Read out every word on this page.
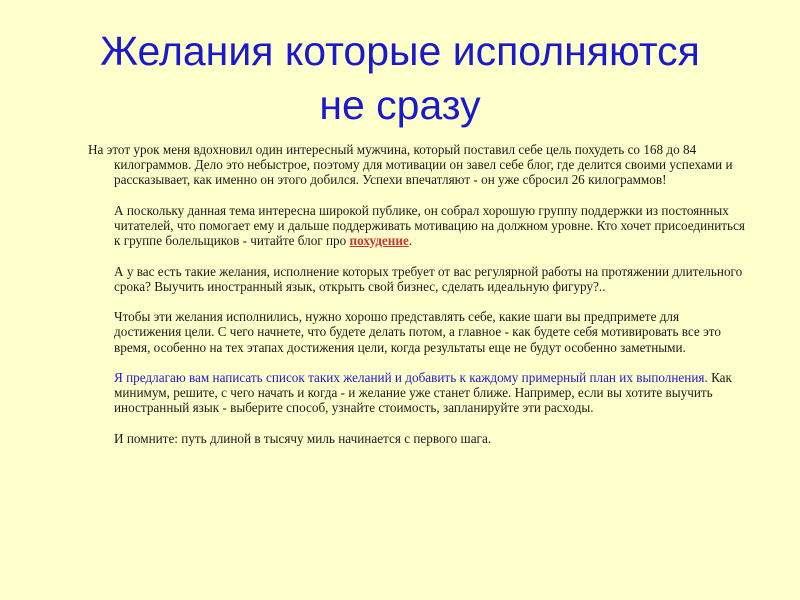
Желания которые исполняются
не сразу

На этот урок меня вдохновил один интересный мужчина, который поставил себе цель похудеть со 168 до 84 килограммов. Дело это небыстрое, поэтому для мотивации он завел себе блог, где делится своими успехами и рассказывает, как именно он этого добился. Успехи впечатляют - он уже сбросил 26 килограммов!

А поскольку данная тема интересна широкой публике, он собрал хорошую группу поддержки из постоянных читателей, что помогает ему и дальше поддерживать мотивацию на должном уровне. Кто хочет присоединиться к группе болельщиков - читайте блог про похудение.

А у вас есть такие желания, исполнение которых требует от вас регулярной работы на протяжении длительного срока? Выучить иностранный язык, открыть свой бизнес, сделать идеальную фигуру?..

Чтобы эти желания исполнились, нужно хорошо представлять себе, какие шаги вы предпримете для достижения цели. С чего начнете, что будете делать потом, а главное - как будете себя мотивировать все это время, особенно на тех этапах достижения цели, когда результаты еще не будут особенно заметными.

Я предлагаю вам написать список таких желаний и добавить к каждому примерный план их выполнения. Как минимум, решите, с чего начать и когда - и желание уже станет ближе. Например, если вы хотите выучить иностранный язык - выберите способ, узнайте стоимость, запланируйте эти расходы.

И помните: путь длиной в тысячу миль начинается с первого шага.
